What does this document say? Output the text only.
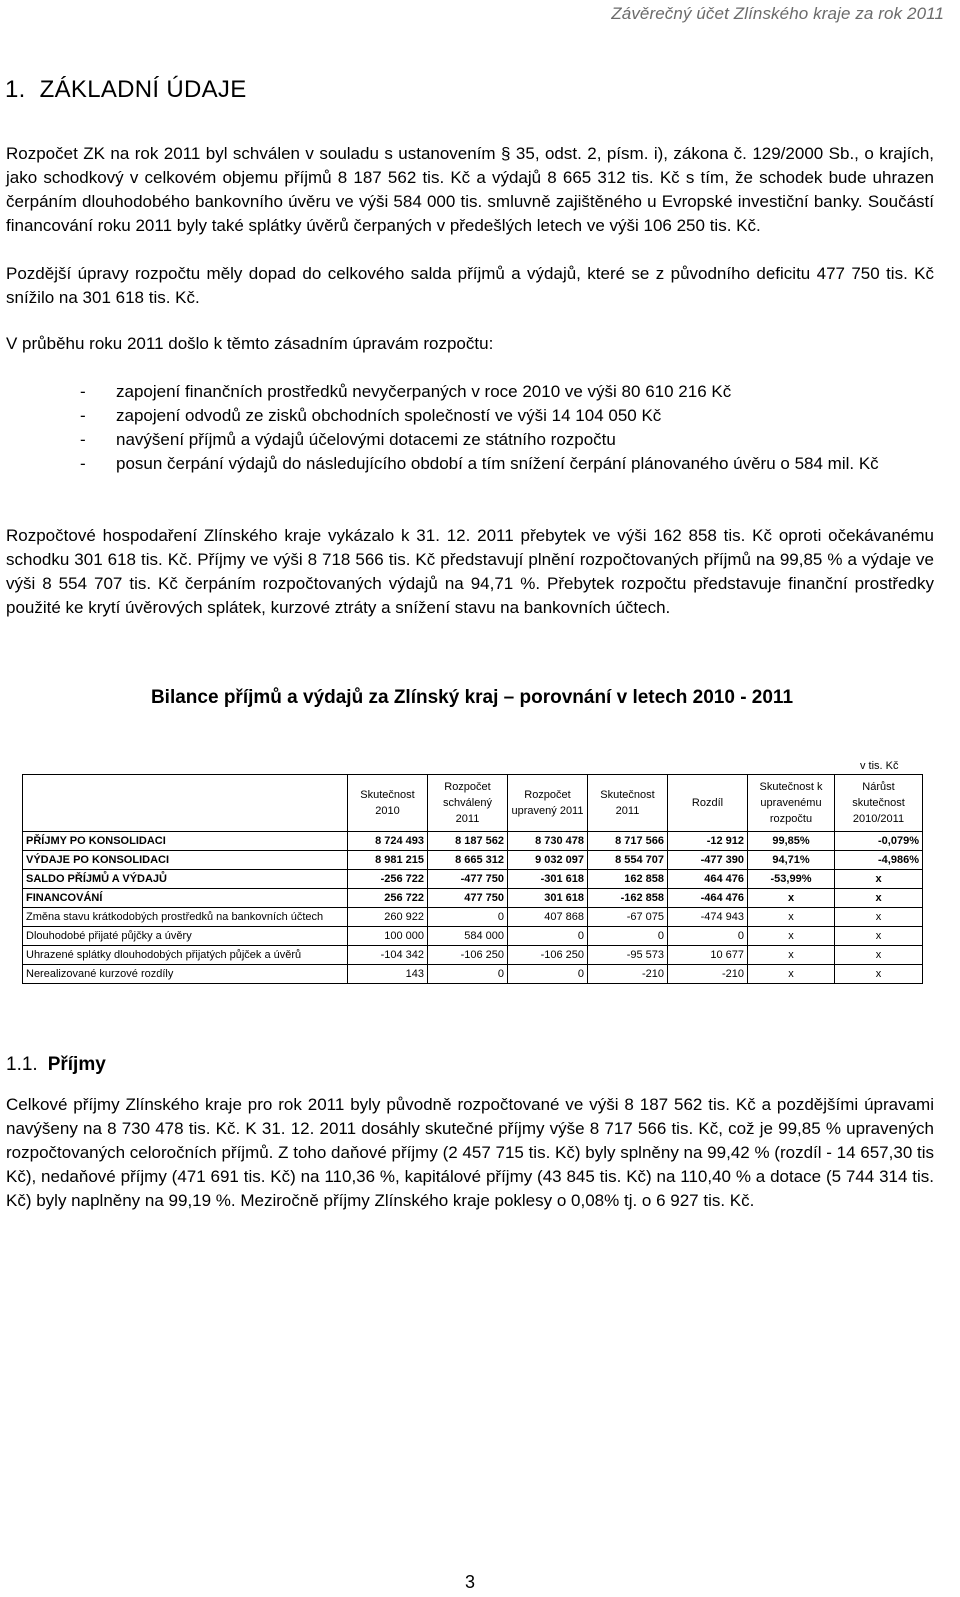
Závěrečný účet Zlínského kraje za rok 2011
1. ZÁKLADNÍ ÚDAJE

Rozpočet ZK na rok 2011 byl schválen v souladu s ustanovením § 35, odst. 2, písm. i), zákona č. 129/2000 Sb., o krajích, jako schodkový v celkovém objemu příjmů 8 187 562 tis. Kč a výdajů 8 665 312 tis. Kč s tím, že schodek bude uhrazen čerpáním dlouhodobého bankovního úvěru ve výši 584 000 tis. smluvně zajištěného u Evropské investiční banky. Součástí financování roku 2011 byly také splátky úvěrů čerpaných v předešlých letech ve výši 106 250 tis. Kč.

Pozdější úpravy rozpočtu měly dopad do celkového salda příjmů a výdajů, které se z původního deficitu 477 750 tis. Kč snížilo na 301 618 tis. Kč.

V průběhu roku 2011 došlo k těmto zásadním úpravám rozpočtu:

- zapojení finančních prostředků nevyčerpaných v roce 2010 ve výši 80 610 216 Kč
- zapojení odvodů ze zisků obchodních společností ve výši 14 104 050 Kč
- navýšení příjmů a výdajů účelovými dotacemi ze státního rozpočtu
- posun čerpání výdajů do následujícího období a tím snížení čerpání plánovaného úvěru o 584 mil. Kč

Rozpočtové hospodaření Zlínského kraje vykázalo k 31. 12. 2011 přebytek ve výši 162 858 tis. Kč oproti očekávanému schodku 301 618 tis. Kč. Příjmy ve výši 8 718 566 tis. Kč představují plnění rozpočtovaných příjmů na 99,85 % a výdaje ve výši 8 554 707 tis. Kč čerpáním rozpočtovaných výdajů na 94,71 %. Přebytek rozpočtu představuje finanční prostředky použité ke krytí úvěrových splátek, kurzové ztráty a snížení stavu na bankovních účtech.

Bilance příjmů a výdajů za Zlínský kraj – porovnání v letech 2010 - 2011
v tis. Kč
	Skutečnost 2010	Rozpočet schválený 2011	Rozpočet upravený 2011	Skutečnost 2011	Rozdíl	Skutečnost k upravenému rozpočtu	Nárůst skutečnost 2010/2011
PŘÍJMY PO KONSOLIDACI	8 724 493	8 187 562	8 730 478	8 717 566	-12 912	99,85%	-0,079%
VÝDAJE PO KONSOLIDACI	8 981 215	8 665 312	9 032 097	8 554 707	-477 390	94,71%	-4,986%
SALDO PŘÍJMŮ A VÝDAJŮ	-256 722	-477 750	-301 618	162 858	464 476	-53,99%	x
FINANCOVÁNÍ	256 722	477 750	301 618	-162 858	-464 476	x	x
Změna stavu krátkodobých prostředků na bankovních účtech	260 922	0	407 868	-67 075	-474 943	x	x
Dlouhodobé přijaté půjčky a úvěry	100 000	584 000	0	0	0	x	x
Uhrazené splátky dlouhodobých přijatých půjček a úvěrů	-104 342	-106 250	-106 250	-95 573	10 677	x	x
Nerealizované kurzové rozdíly	143	0	0	-210	-210	x	x
1.1. Příjmy

Celkové příjmy Zlínského kraje pro rok 2011 byly původně rozpočtované ve výši 8 187 562 tis. Kč a pozdějšími úpravami navýšeny na 8 730 478 tis. Kč. K 31. 12. 2011 dosáhly skutečné příjmy výše 8 717 566 tis. Kč, což je 99,85 % upravených rozpočtovaných celoročních příjmů. Z toho daňové příjmy (2 457 715 tis. Kč) byly splněny na 99,42 % (rozdíl - 14 657,30 tis Kč), nedaňové příjmy (471 691 tis. Kč) na 110,36 %, kapitálové příjmy (43 845 tis. Kč) na 110,40 % a dotace (5 744 314 tis. Kč) byly naplněny na 99,19 %. Meziročně příjmy Zlínského kraje poklesy o 0,08% tj. o 6 927 tis. Kč.

3
